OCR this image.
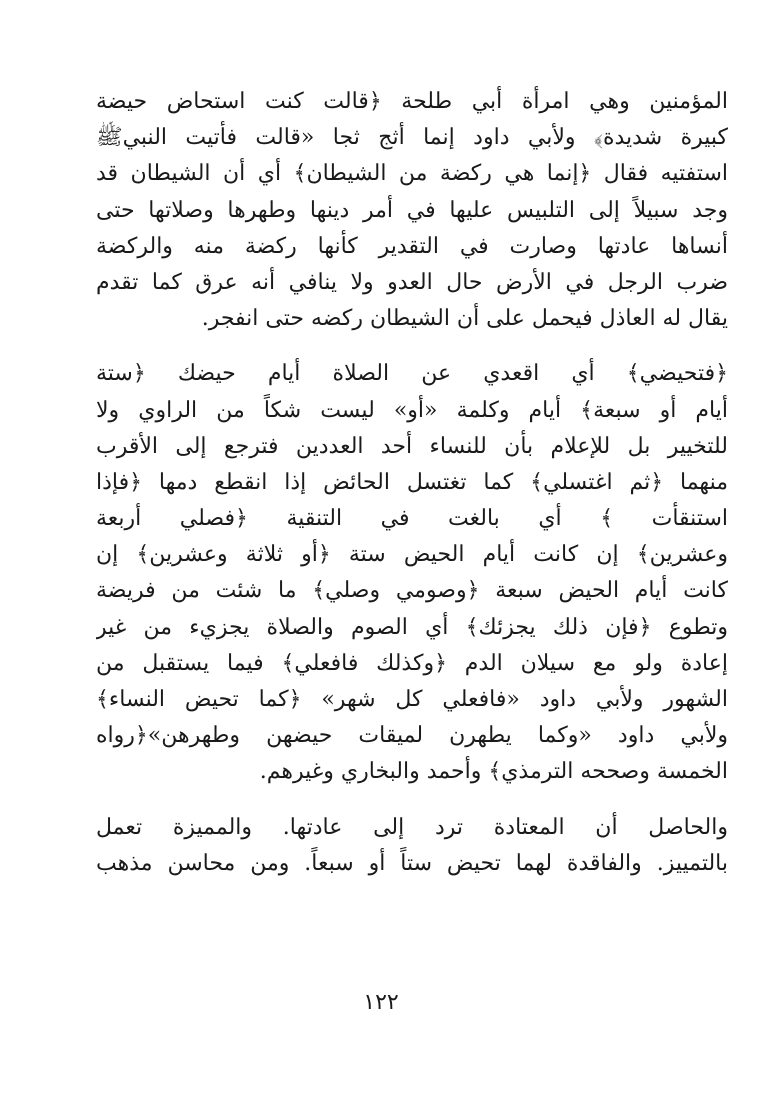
المؤمنين وهي امرأة أبي طلحة ﴿قالت كنت استحاض حيضة
كبيرة شديدة﴾ ولأبي داود إنما أثج ثجا «قالت فأتيت النبيﷺ
استفتيه فقال ﴿إنما هي ركضة من الشيطان﴾ أي أن الشيطان قد
وجد سبيلاً إلى التلبيس عليها في أمر دينها وطهرها وصلاتها حتى
أنساها عادتها وصارت في التقدير كأنها ركضة منه والركضة
ضرب الرجل في الأرض حال العدو ولا ينافي أنه عرق كما تقدم
يقال له العاذل فيحمل على أن الشيطان ركضه حتى انفجر.
﴿فتحيضي﴾ أي اقعدي عن الصلاة أيام حيضك ﴿ستة
أيام أو سبعة﴾ أيام وكلمة «أو» ليست شكاً من الراوي ولا
للتخيير بل للإعلام بأن للنساء أحد العددين فترجع إلى الأقرب
منهما ﴿ثم اغتسلي﴾ كما تغتسل الحائض إذا انقطع دمها ﴿فإذا
استنقأت ﴾ أي بالغت في التنقية ﴿فصلي أربعة
وعشرين﴾ إن كانت أيام الحيض ستة ﴿أو ثلاثة وعشرين﴾ إن
كانت أيام الحيض سبعة ﴿وصومي وصلي﴾ ما شئت من فريضة
وتطوع ﴿فإن ذلك يجزئك﴾ أي الصوم والصلاة يجزيء من غير
إعادة ولو مع سيلان الدم ﴿وكذلك فافعلي﴾ فيما يستقبل من
الشهور ولأبي داود «فافعلي كل شهر» ﴿كما تحيض النساء﴾
ولأبي داود «وكما يطهرن لميقات حيضهن وطهرهن»﴿رواه
الخمسة وصححه الترمذي﴾ وأحمد والبخاري وغيرهم.
والحاصل أن المعتادة ترد إلى عادتها. والمميزة تعمل
بالتمييز. والفاقدة لهما تحيض ستاً أو سبعاً. ومن محاسن مذهب
١٢٢
